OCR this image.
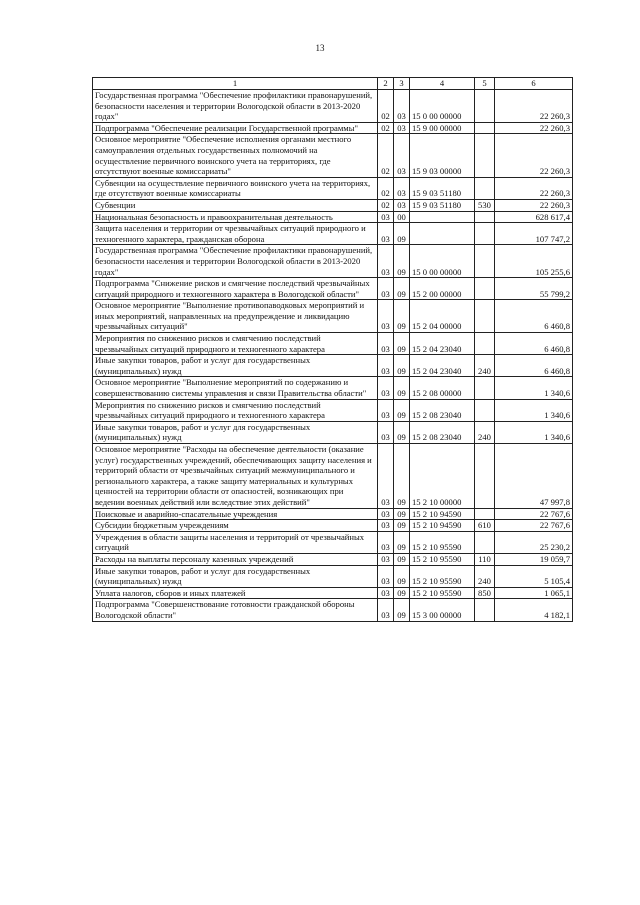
13
1	2	3	4	5	6
Государственная программа "Обеспечение профилактики правонарушений, безопасности населения и территории Вологодской области в 2013-2020 годах"	02	03	15 0 00 00000		22 260,3
Подпрограмма "Обеспечение реализации Государственной программы"	02	03	15 9 00 00000		22 260,3
Основное мероприятие "Обеспечение исполнения органами местного самоуправления отдельных государственных полномочий на осуществление первичного воинского учета на территориях, где отсутствуют военные комиссариаты"	02	03	15 9 03 00000		22 260,3
Субвенции на осуществление первичного воинского учета на территориях, где отсутствуют военные комиссариаты	02	03	15 9 03 51180		22 260,3
Субвенции	02	03	15 9 03 51180	530	22 260,3
Национальная безопасность и правоохранительная деятельность	03	00			628 617,4
Защита населения и территории от чрезвычайных ситуаций природного и техногенного характера, гражданская оборона	03	09			107 747,2
Государственная программа "Обеспечение профилактики правонарушений, безопасности населения и территории Вологодской области в 2013-2020 годах"	03	09	15 0 00 00000		105 255,6
Подпрограмма "Снижение рисков и смягчение последствий чрезвычайных ситуаций природного и техногенного характера в Вологодской области"	03	09	15 2 00 00000		55 799,2
Основное мероприятие "Выполнение противопаводковых мероприятий и иных мероприятий, направленных на предупреждение и ликвидацию чрезвычайных ситуаций"	03	09	15 2 04 00000		6 460,8
Мероприятия по снижению рисков и смягчению последствий чрезвычайных ситуаций природного и техногенного характера	03	09	15 2 04 23040		6 460,8
Иные закупки товаров, работ и услуг для государственных (муниципальных) нужд	03	09	15 2 04 23040	240	6 460,8
Основное мероприятие "Выполнение мероприятий по содержанию и совершенствованию системы управления и связи Правительства области"	03	09	15 2 08 00000		1 340,6
Мероприятия по снижению рисков и смягчению последствий чрезвычайных ситуаций природного и техногенного характера	03	09	15 2 08 23040		1 340,6
Иные закупки товаров, работ и услуг для государственных (муниципальных) нужд	03	09	15 2 08 23040	240	1 340,6
Основное мероприятие "Расходы на обеспечение деятельности (оказание услуг) государственных учреждений, обеспечивающих защиту населения и территорий области от чрезвычайных ситуаций межмуниципального и регионального характера, а также защиту материальных и культурных ценностей на территории области от опасностей, возникающих при ведении военных действий или вследствие этих действий"	03	09	15 2 10 00000		47 997,8
Поисковые и аварийно-спасательные учреждения	03	09	15 2 10 94590		22 767,6
Субсидии бюджетным учреждениям	03	09	15 2 10 94590	610	22 767,6
Учреждения в области защиты населения и территорий от чрезвычайных ситуаций	03	09	15 2 10 95590		25 230,2
Расходы на выплаты персоналу казенных учреждений	03	09	15 2 10 95590	110	19 059,7
Иные закупки товаров, работ и услуг для государственных (муниципальных) нужд	03	09	15 2 10 95590	240	5 105,4
Уплата налогов, сборов и иных платежей	03	09	15 2 10 95590	850	1 065,1
Подпрограмма "Совершенствование готовности гражданской обороны Вологодской области"	03	09	15 3 00 00000		4 182,1
